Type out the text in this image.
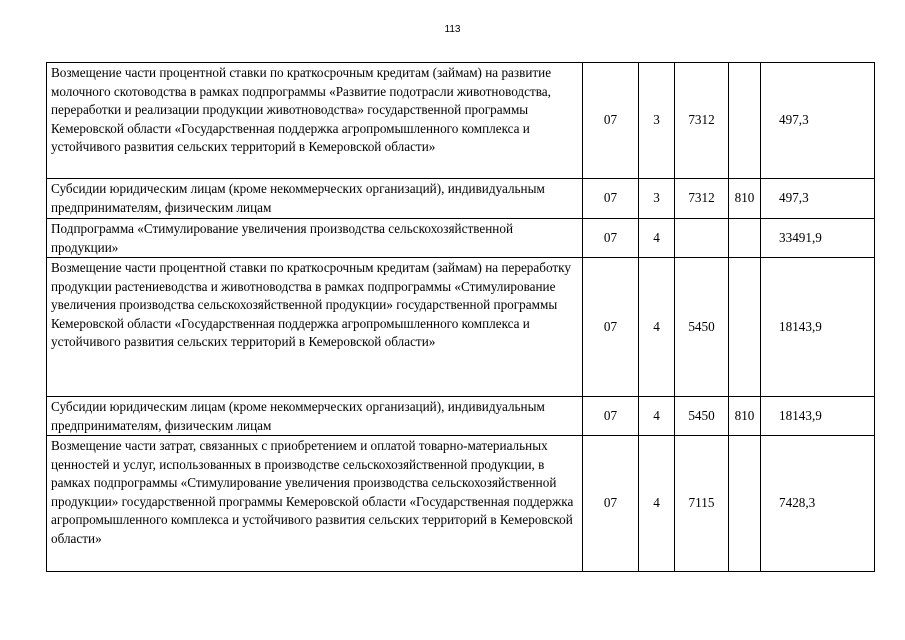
113
Возмещение части процентной ставки по краткосрочным кредитам (займам) на развитие молочного скотоводства в рамках подпрограммы «Развитие подотрасли животноводства, переработки и реализации продукции животноводства» государственной программы Кемеровской области «Государственная поддержка агропромышленного комплекса и устойчивого развития сельских территорий в Кемеровской области»	07	3	7312		497,3
Субсидии юридическим лицам (кроме некоммерческих организаций), индивидуальным предпринимателям, физическим лицам	07	3	7312	810	497,3
Подпрограмма «Стимулирование увеличения производства сельскохозяйственной продукции»	07	4			33491,9
Возмещение части процентной ставки по краткосрочным кредитам (займам) на переработку продукции растениеводства и животноводства в рамках подпрограммы «Стимулирование увеличения производства сельскохозяйственной продукции» государственной программы Кемеровской области «Государственная поддержка агропромышленного комплекса и устойчивого развития сельских территорий в Кемеровской области»	07	4	5450		18143,9
Субсидии юридическим лицам (кроме некоммерческих организаций), индивидуальным предпринимателям, физическим лицам	07	4	5450	810	18143,9
Возмещение части затрат, связанных с приобретением и оплатой товарно-материальных ценностей и услуг, использованных в производстве сельскохозяйственной продукции, в рамках подпрограммы «Стимулирование увеличения производства сельскохозяйственной продукции» государственной программы Кемеровской области «Государственная поддержка агропромышленного комплекса и устойчивого развития сельских территорий в Кемеровской области»	07	4	7115		7428,3
